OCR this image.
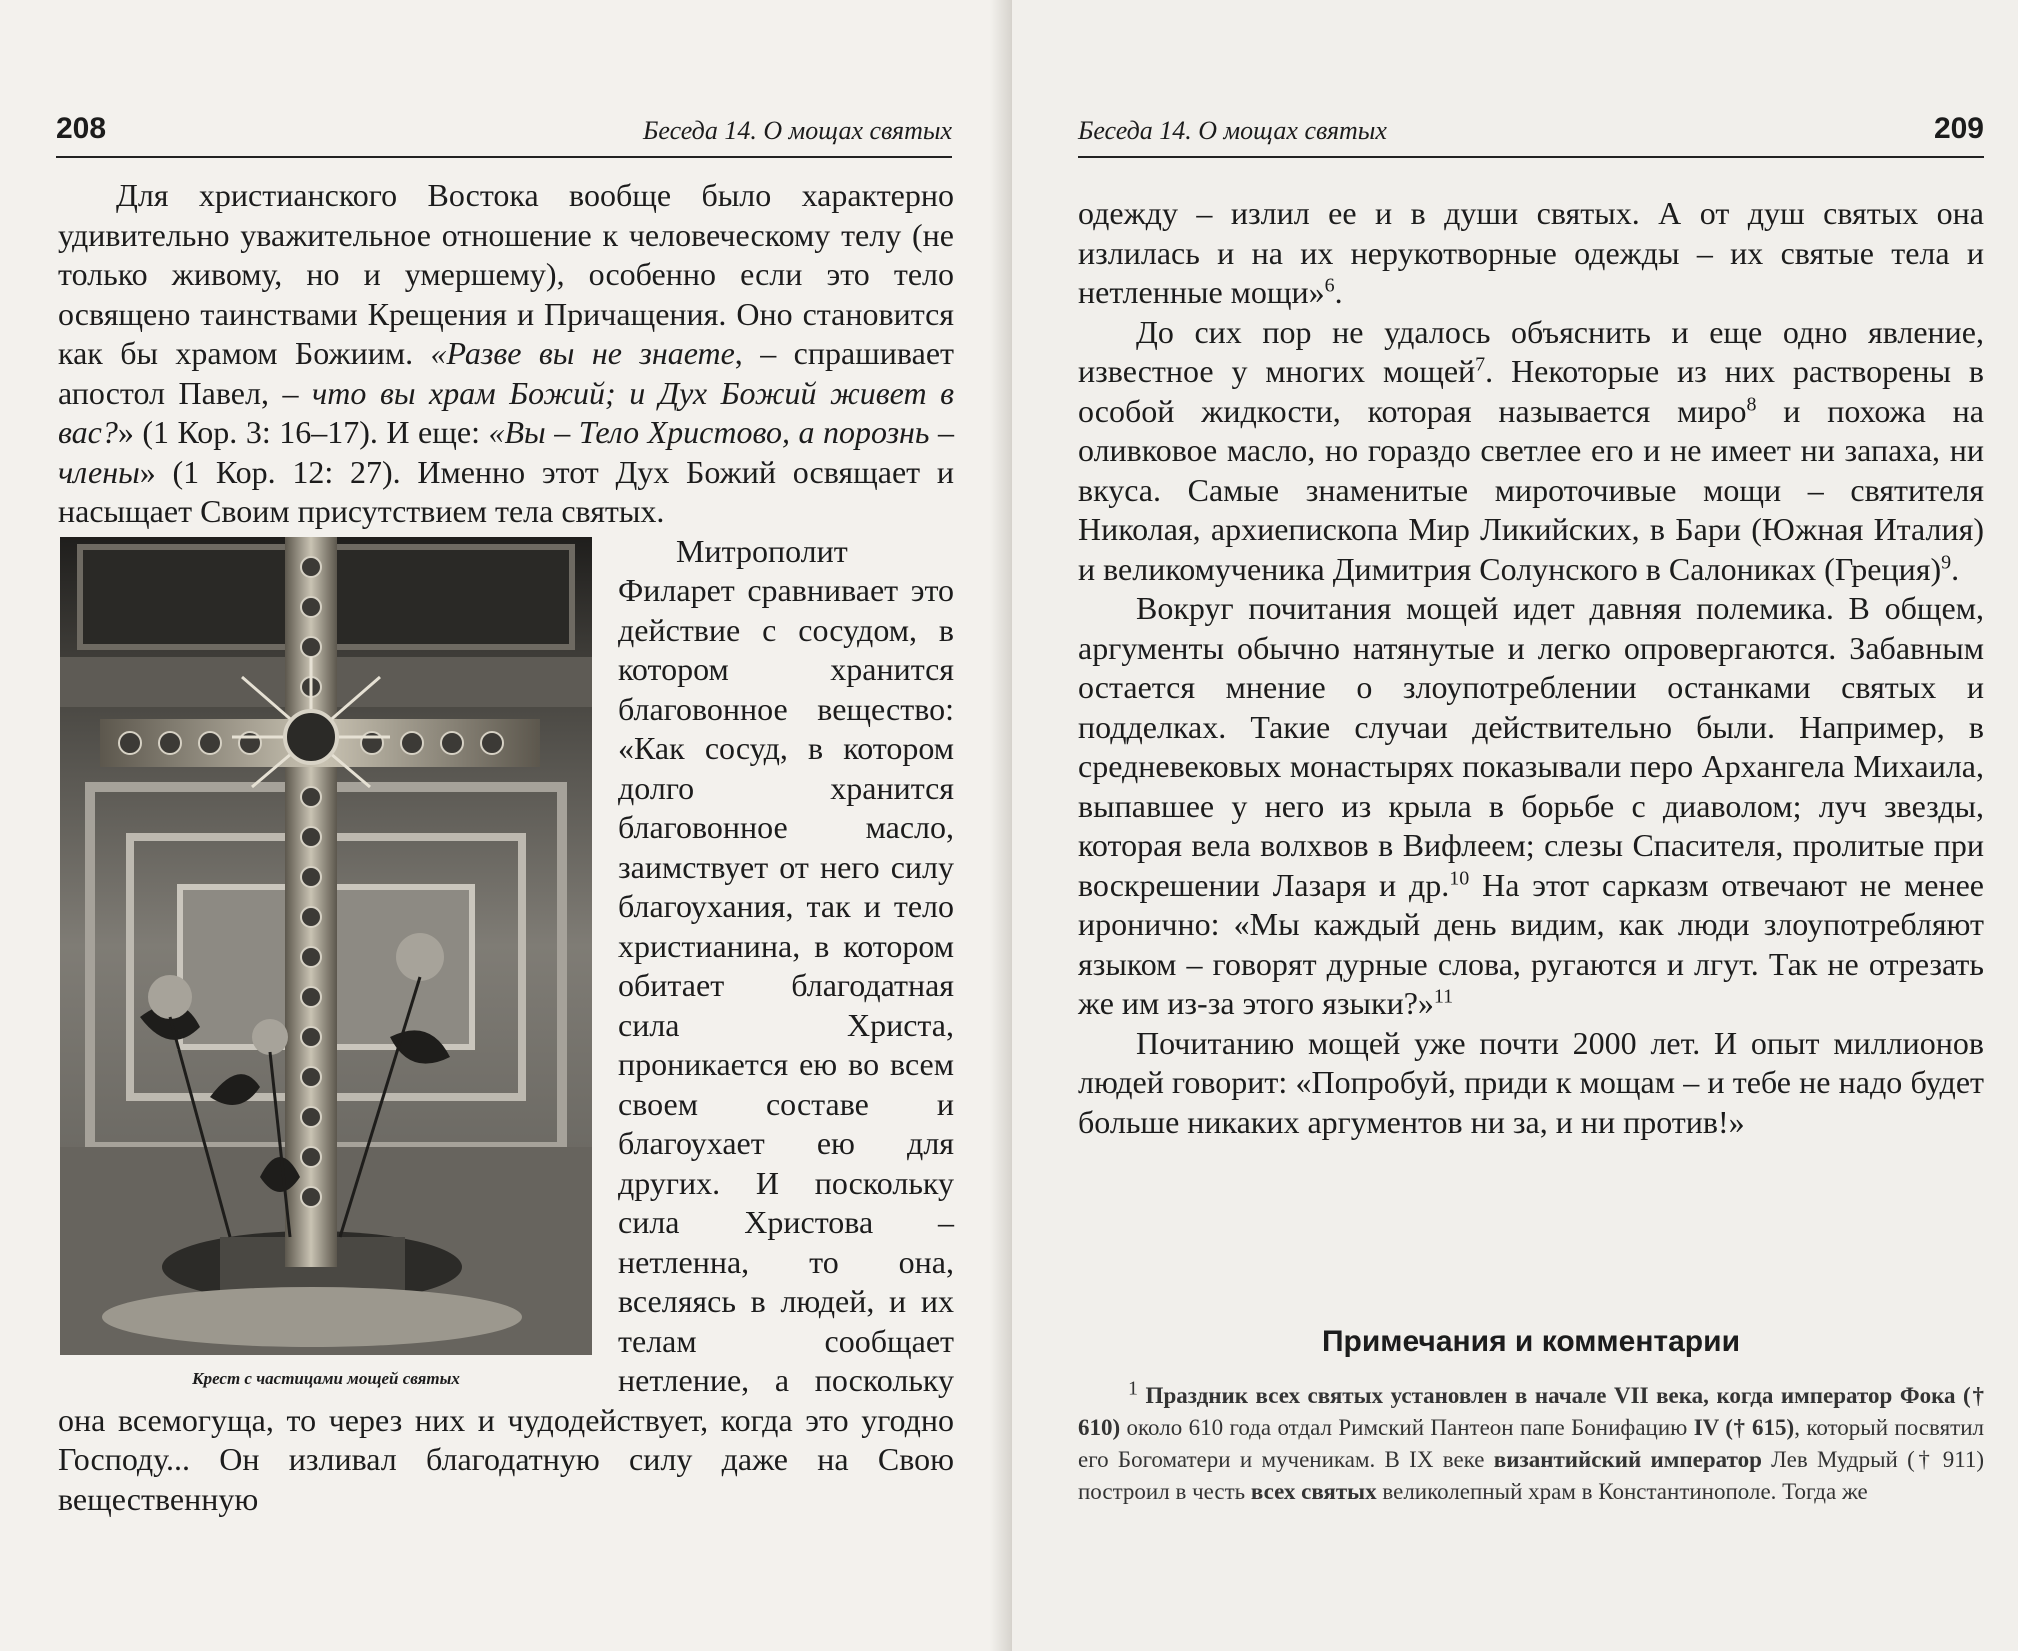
208	Беседа 14. О мощах святых

Для христианского Востока вообще было характерно удивительно уважительное отношение к человеческому телу (не только живому, но и умершему), особенно если это тело освящено таинствами Крещения и Причащения. Оно становится как бы храмом Божиим. «Разве вы не знаете, – спрашивает апостол Павел, – что вы храм Божий; и Дух Божий живет в вас?» (1 Кор. 3: 16–17). И еще: «Вы – Тело Христово, а порознь – члены» (1 Кор. 12: 27). Именно этот Дух Божий освящает и насыщает Своим присутствием тела святых.

Крест с частицами мощей святых

Митрополит Филарет сравнивает это действие с сосудом, в котором хранится благовонное вещество: «Как сосуд, в котором долго хранится благовонное масло, заимствует от него силу благоухания, так и тело христианина, в котором обитает благодатная сила Христа, проникается ею во всем своем составе и благоухает ею для других. И поскольку сила Христова – нетленна, то она, вселяясь в людей, и их телам сообщает нетление, а поскольку она всемогуща, то через них и чудодействует, когда это угодно Господу... Он изливал благодатную силу даже на Свою вещественную

Беседа 14. О мощах святых	209

одежду – излил ее и в души святых. А от душ святых она излилась и на их нерукотворные одежды – их святые тела и нетленные мощи»$^6$.

До сих пор не удалось объяснить и еще одно явление, известное у многих мощей$^7$. Некоторые из них растворены в особой жидкости, которая называется миро$^8$ и похожа на оливковое масло, но гораздо светлее его и не имеет ни запаха, ни вкуса. Самые знаменитые мироточивые мощи – святителя Николая, архиепископа Мир Ликийских, в Бари (Южная Италия) и великомученика Димитрия Солунского в Салониках (Греция)$^9$.

Вокруг почитания мощей идет давняя полемика. В общем, аргументы обычно натянутые и легко опровергаются. Забавным остается мнение о злоупотреблении останками святых и подделках. Такие случаи действительно были. Например, в средневековых монастырях показывали перо Архангела Михаила, выпавшее у него из крыла в борьбе с диаволом; луч звезды, которая вела волхвов в Вифлеем; слезы Спасителя, пролитые при воскрешении Лазаря и др.$^{10}$ На этот сарказм отвечают не менее иронично: «Мы каждый день видим, как люди злоупотребляют языком – говорят дурные слова, ругаются и лгут. Так не отрезать же им из-за этого языки?»$^{11}$

Почитанию мощей уже почти 2000 лет. И опыт миллионов людей говорит: «Попробуй, приди к мощам – и тебе не надо будет больше никаких аргументов ни за, и ни против!»

Примечания и комментарии

$^1$ Праздник всех святых установлен в начале VII века, когда император Фока († 610) около 610 года отдал Римский Пантеон папе Бонифацию IV († 615), который посвятил его Богоматери и мученикам. В IX веке византийский император Лев Мудрый († 911) построил в честь всех святых великолепный храм в Константинополе. Тогда же
